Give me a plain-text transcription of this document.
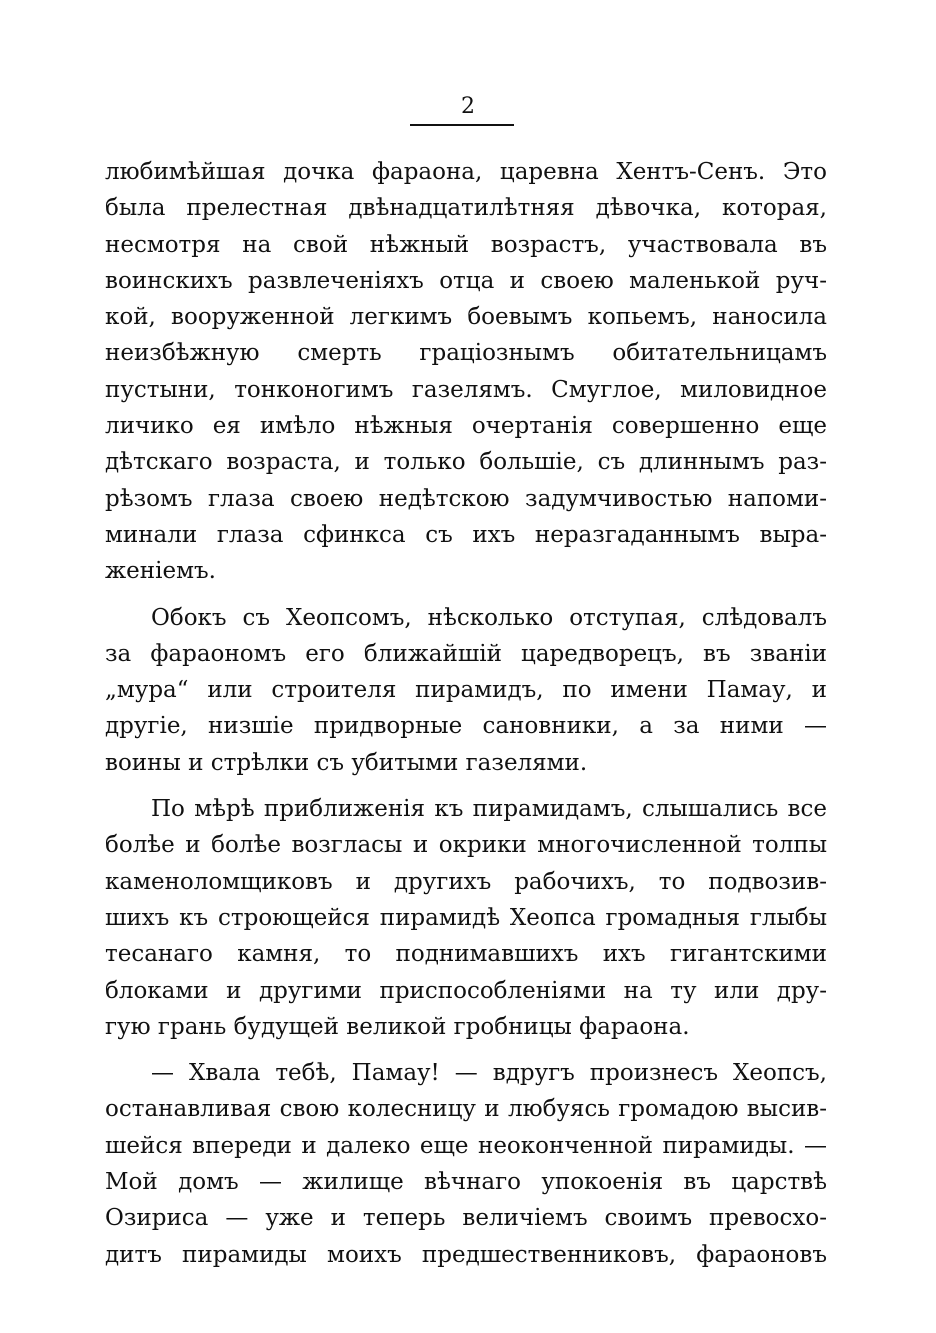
2
любимѣйшая дочка фараона, царевна Хентъ-Сенъ. Это
была прелестная двѣнадцатилѣтняя дѣвочка, которая,
несмотря на свой нѣжный возрастъ, участвовала въ
воинскихъ развлеченiяхъ отца и своею маленькой руч-
кой, вооруженной легкимъ боевымъ копьемъ, наносила
неизбѣжную смерть грацiознымъ обитательницамъ
пустыни, тонконогимъ газелямъ. Смуглое, миловидное
личико ея имѣло нѣжныя очертанiя совершенно еще
дѣтскаго возраста, и только большiе, съ длиннымъ раз-
рѣзомъ глаза своею недѣтскою задумчивостью напоми-
минали глаза сфинкса съ ихъ неразгаданнымъ выра-
женiемъ.
Обокъ съ Хеопсомъ, нѣсколько отступая, слѣдовалъ
за фараономъ его ближайшiй царедворецъ, въ званiи
„мура“ или строителя пирамидъ, по имени Памау, и
другiе, низшiе придворные сановники, а за ними —
воины и стрѣлки съ убитыми газелями.
По мѣрѣ приближенiя къ пирамидамъ, слышались все
болѣе и болѣе возгласы и окрики многочисленной толпы
каменоломщиковъ и другихъ рабочихъ, то подвозив-
шихъ къ строющейся пирамидѣ Хеопса громадныя глыбы
тесанаго камня, то поднимавшихъ ихъ гигантскими
блоками и другими приспособленiями на ту или дру-
гую грань будущей великой гробницы фараона.
— Хвала тебѣ, Памау! — вдругъ произнесъ Хеопсъ,
останавливая свою колесницу и любуясь громадою высив-
шейся впереди и далеко еще неоконченной пирамиды. —
Мой домъ — жилище вѣчнаго упокоенiя въ царствѣ
Озириса — уже и теперь величiемъ своимъ превосхо-
дитъ пирамиды моихъ предшественниковъ, фараоновъ
